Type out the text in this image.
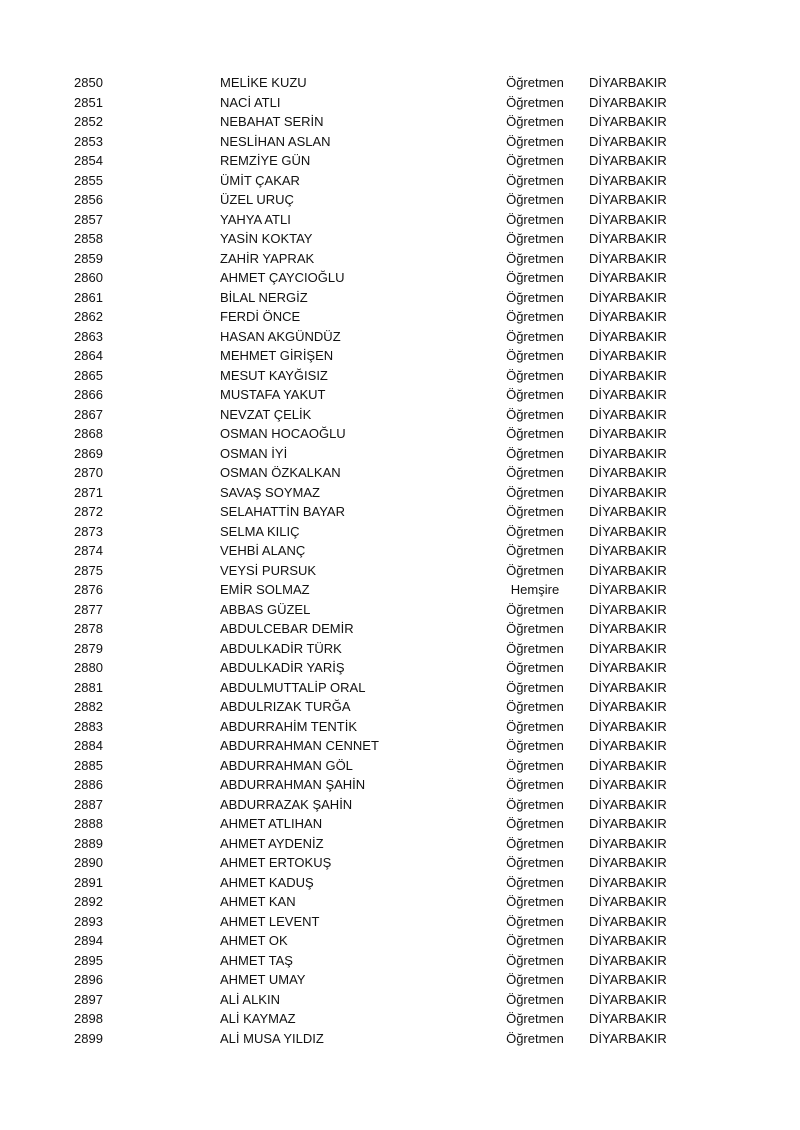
2850	MELİKE KUZU	Öğretmen DİYARBAKIR
2851	NACİ ATLI	Öğretmen DİYARBAKIR
2852	NEBAHAT SERİN	Öğretmen DİYARBAKIR
2853	NESLİHAN ASLAN	Öğretmen DİYARBAKIR
2854	REMZİYE GÜN	Öğretmen DİYARBAKIR
2855	ÜMİT ÇAKAR	Öğretmen DİYARBAKIR
2856	ÜZEL URUÇ	Öğretmen DİYARBAKIR
2857	YAHYA ATLI	Öğretmen DİYARBAKIR
2858	YASİN KOKTAY	Öğretmen DİYARBAKIR
2859	ZAHİR YAPRAK	Öğretmen DİYARBAKIR
2860	AHMET ÇAYCIOĞLU	Öğretmen DİYARBAKIR
2861	BİLAL NERGİZ	Öğretmen DİYARBAKIR
2862	FERDİ ÖNCE	Öğretmen DİYARBAKIR
2863	HASAN AKGÜNDÜZ	Öğretmen DİYARBAKIR
2864	MEHMET GİRİŞEN	Öğretmen DİYARBAKIR
2865	MESUT KAYĞISIZ	Öğretmen DİYARBAKIR
2866	MUSTAFA YAKUT	Öğretmen DİYARBAKIR
2867	NEVZAT ÇELİK	Öğretmen DİYARBAKIR
2868	OSMAN HOCAOĞLU	Öğretmen DİYARBAKIR
2869	OSMAN İYİ	Öğretmen DİYARBAKIR
2870	OSMAN ÖZKALKAN	Öğretmen DİYARBAKIR
2871	SAVAŞ SOYMAZ	Öğretmen DİYARBAKIR
2872	SELAHATTİN BAYAR	Öğretmen DİYARBAKIR
2873	SELMA KILIÇ	Öğretmen DİYARBAKIR
2874	VEHBİ ALANÇ	Öğretmen DİYARBAKIR
2875	VEYSİ PURSUK	Öğretmen DİYARBAKIR
2876	EMİR SOLMAZ	Hemşire	DİYARBAKIR
2877	ABBAS GÜZEL	Öğretmen DİYARBAKIR
2878	ABDULCEBAR DEMİR	Öğretmen DİYARBAKIR
2879	ABDULKADİR TÜRK	Öğretmen DİYARBAKIR
2880	ABDULKADİR YARİŞ	Öğretmen DİYARBAKIR
2881	ABDULMUTTALİP ORAL	Öğretmen DİYARBAKIR
2882	ABDULRIZAK TURĞA	Öğretmen DİYARBAKIR
2883	ABDURRAHİM TENTİK	Öğretmen DİYARBAKIR
2884	ABDURRAHMAN CENNET	Öğretmen DİYARBAKIR
2885	ABDURRAHMAN GÖL	Öğretmen DİYARBAKIR
2886	ABDURRAHMAN ŞAHİN	Öğretmen DİYARBAKIR
2887	ABDURRAZAK ŞAHİN	Öğretmen DİYARBAKIR
2888	AHMET ATLIHAN	Öğretmen DİYARBAKIR
2889	AHMET AYDENİZ	Öğretmen DİYARBAKIR
2890	AHMET ERTOKUŞ	Öğretmen DİYARBAKIR
2891	AHMET KADUŞ	Öğretmen DİYARBAKIR
2892	AHMET KAN	Öğretmen DİYARBAKIR
2893	AHMET LEVENT	Öğretmen DİYARBAKIR
2894	AHMET OK	Öğretmen DİYARBAKIR
2895	AHMET TAŞ	Öğretmen DİYARBAKIR
2896	AHMET UMAY	Öğretmen DİYARBAKIR
2897	ALİ ALKIN	Öğretmen DİYARBAKIR
2898	ALİ KAYMAZ	Öğretmen DİYARBAKIR
2899	ALİ MUSA YILDIZ	Öğretmen DİYARBAKIR
